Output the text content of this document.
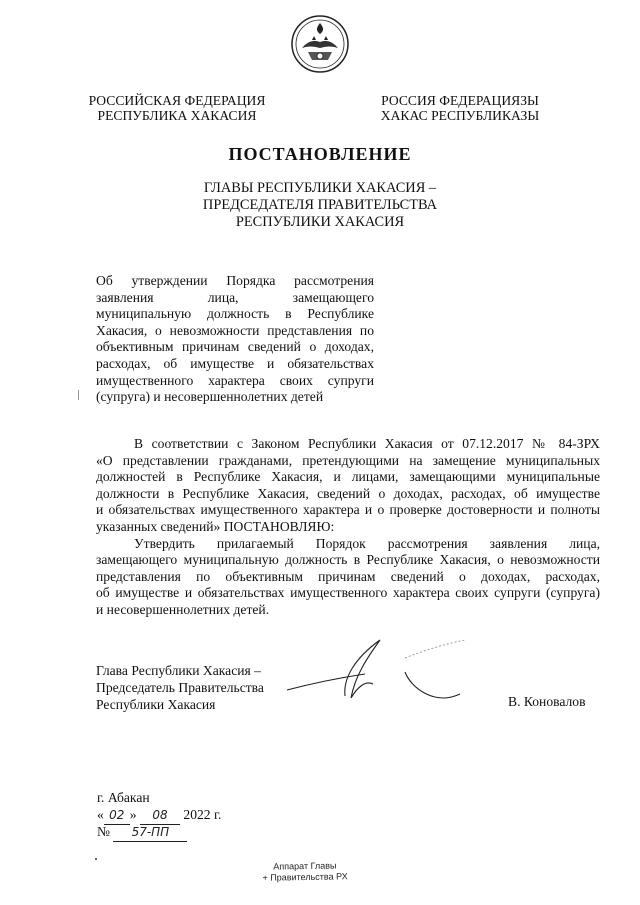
РОССИЙСКАЯ ФЕДЕРАЦИЯ
РЕСПУБЛИКА ХАКАСИЯ
РОССИЯ ФЕДЕРАЦИЯЗЫ
ХАКАС РЕСПУБЛИКАЗЫ
ПОСТАНОВЛЕНИЕ
ГЛАВЫ РЕСПУБЛИКИ ХАКАСИЯ –
ПРЕДСЕДАТЕЛЯ ПРАВИТЕЛЬСТВА
РЕСПУБЛИКИ ХАКАСИЯ
Об утверждении Порядка рассмотрения
заявления лица, замещающего
муниципальную должность в Республике
Хакасия, о невозможности представления по
объективным причинам сведений о доходах,
расходах, об имуществе и обязательствах
имущественного характера своих супруги
(супруга) и несовершеннолетних детей
В соответствии с Законом Республики Хакасия от 07.12.2017 № 84-ЗРХ
«О представлении гражданами, претендующими на замещение муниципальных
должностей в Республике Хакасия, и лицами, замещающими муниципальные
должности в Республике Хакасия, сведений о доходах, расходах, об имуществе
и обязательствах имущественного характера и о проверке достоверности и полноты
указанных сведений» ПОСТАНОВЛЯЮ:
Утвердить прилагаемый Порядок рассмотрения заявления лица,
замещающего муниципальную должность в Республике Хакасия, о невозможности
представления по объективным причинам сведений о доходах, расходах,
об имуществе и обязательствах имущественного характера своих супруги (супруга)
и несовершеннолетних детей.
Глава Республики Хакасия –
Председатель Правительства
Республики Хакасия	В. Коновалов
г. Абакан
« 02 » 08 2022 г.
№ 57-ПП
Аппарат Главы
+ Правительства РХ
